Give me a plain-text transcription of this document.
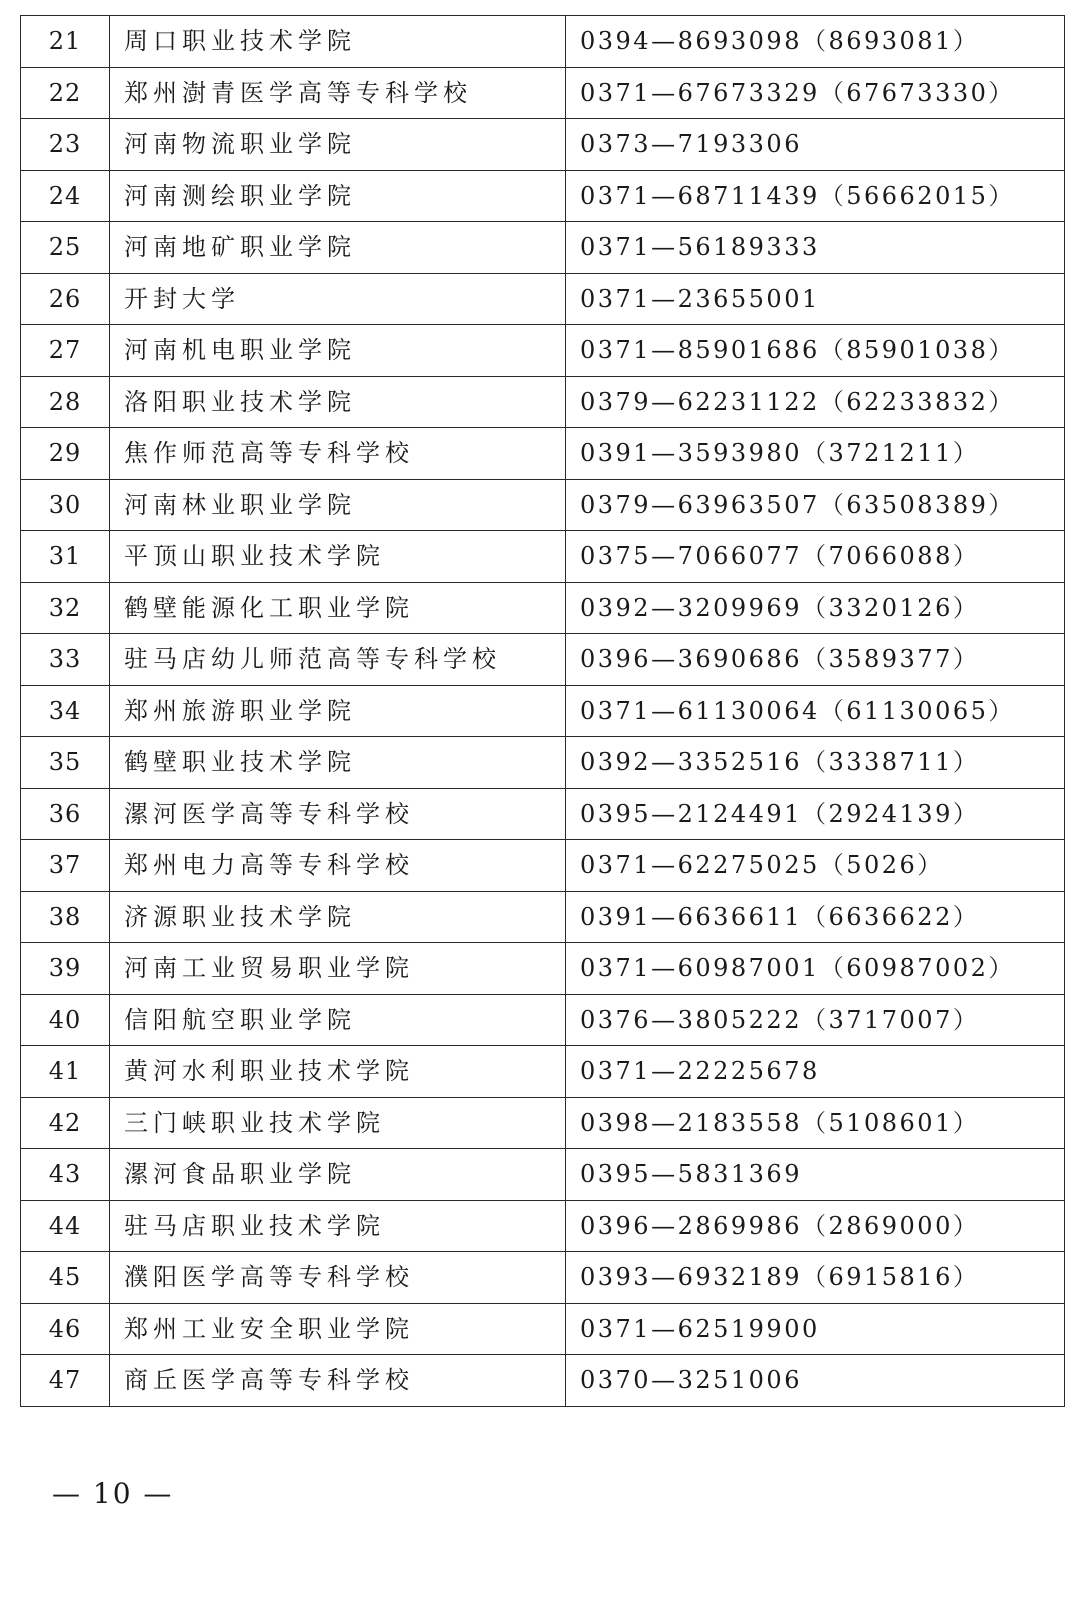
21	周口职业技术学院	0394—8693098（8693081）
22	郑州澍青医学高等专科学校	0371—67673329（67673330）
23	河南物流职业学院	0373—7193306
24	河南测绘职业学院	0371—68711439（56662015）
25	河南地矿职业学院	0371—56189333
26	开封大学	0371—23655001
27	河南机电职业学院	0371—85901686（85901038）
28	洛阳职业技术学院	0379—62231122（62233832）
29	焦作师范高等专科学校	0391—3593980（3721211）
30	河南林业职业学院	0379—63963507（63508389）
31	平顶山职业技术学院	0375—7066077（7066088）
32	鹤壁能源化工职业学院	0392—3209969（3320126）
33	驻马店幼儿师范高等专科学校	0396—3690686（3589377）
34	郑州旅游职业学院	0371—61130064（61130065）
35	鹤壁职业技术学院	0392—3352516（3338711）
36	漯河医学高等专科学校	0395—2124491（2924139）
37	郑州电力高等专科学校	0371—62275025（5026）
38	济源职业技术学院	0391—6636611（6636622）
39	河南工业贸易职业学院	0371—60987001（60987002）
40	信阳航空职业学院	0376—3805222（3717007）
41	黄河水利职业技术学院	0371—22225678
42	三门峡职业技术学院	0398—2183558（5108601）
43	漯河食品职业学院	0395—5831369
44	驻马店职业技术学院	0396—2869986（2869000）
45	濮阳医学高等专科学校	0393—6932189（6915816）
46	郑州工业安全职业学院	0371—62519900
47	商丘医学高等专科学校	0370—3251006
— 10 —
